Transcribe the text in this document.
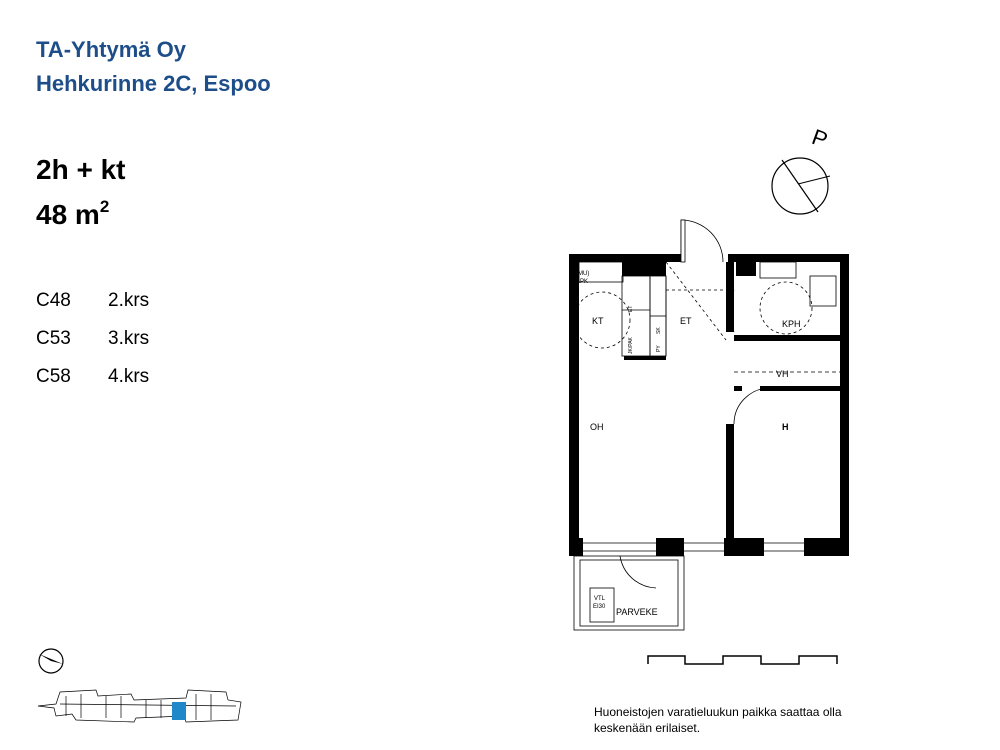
TA-Yhtymä Oy
Hehkurinne 2C, Espoo
2h + kt
48 $m^2$
C48 2.krs
C53 3.krs
C58 4.krs
P
(MU)
APK
KT	ET	KPH
VH
OH	H
PARVEKE
VTL
EI30
ET
JK/PAK
SK
PY
Huoneistojen varatieluukun paikka saattaa olla
keskenään erilaiset.
